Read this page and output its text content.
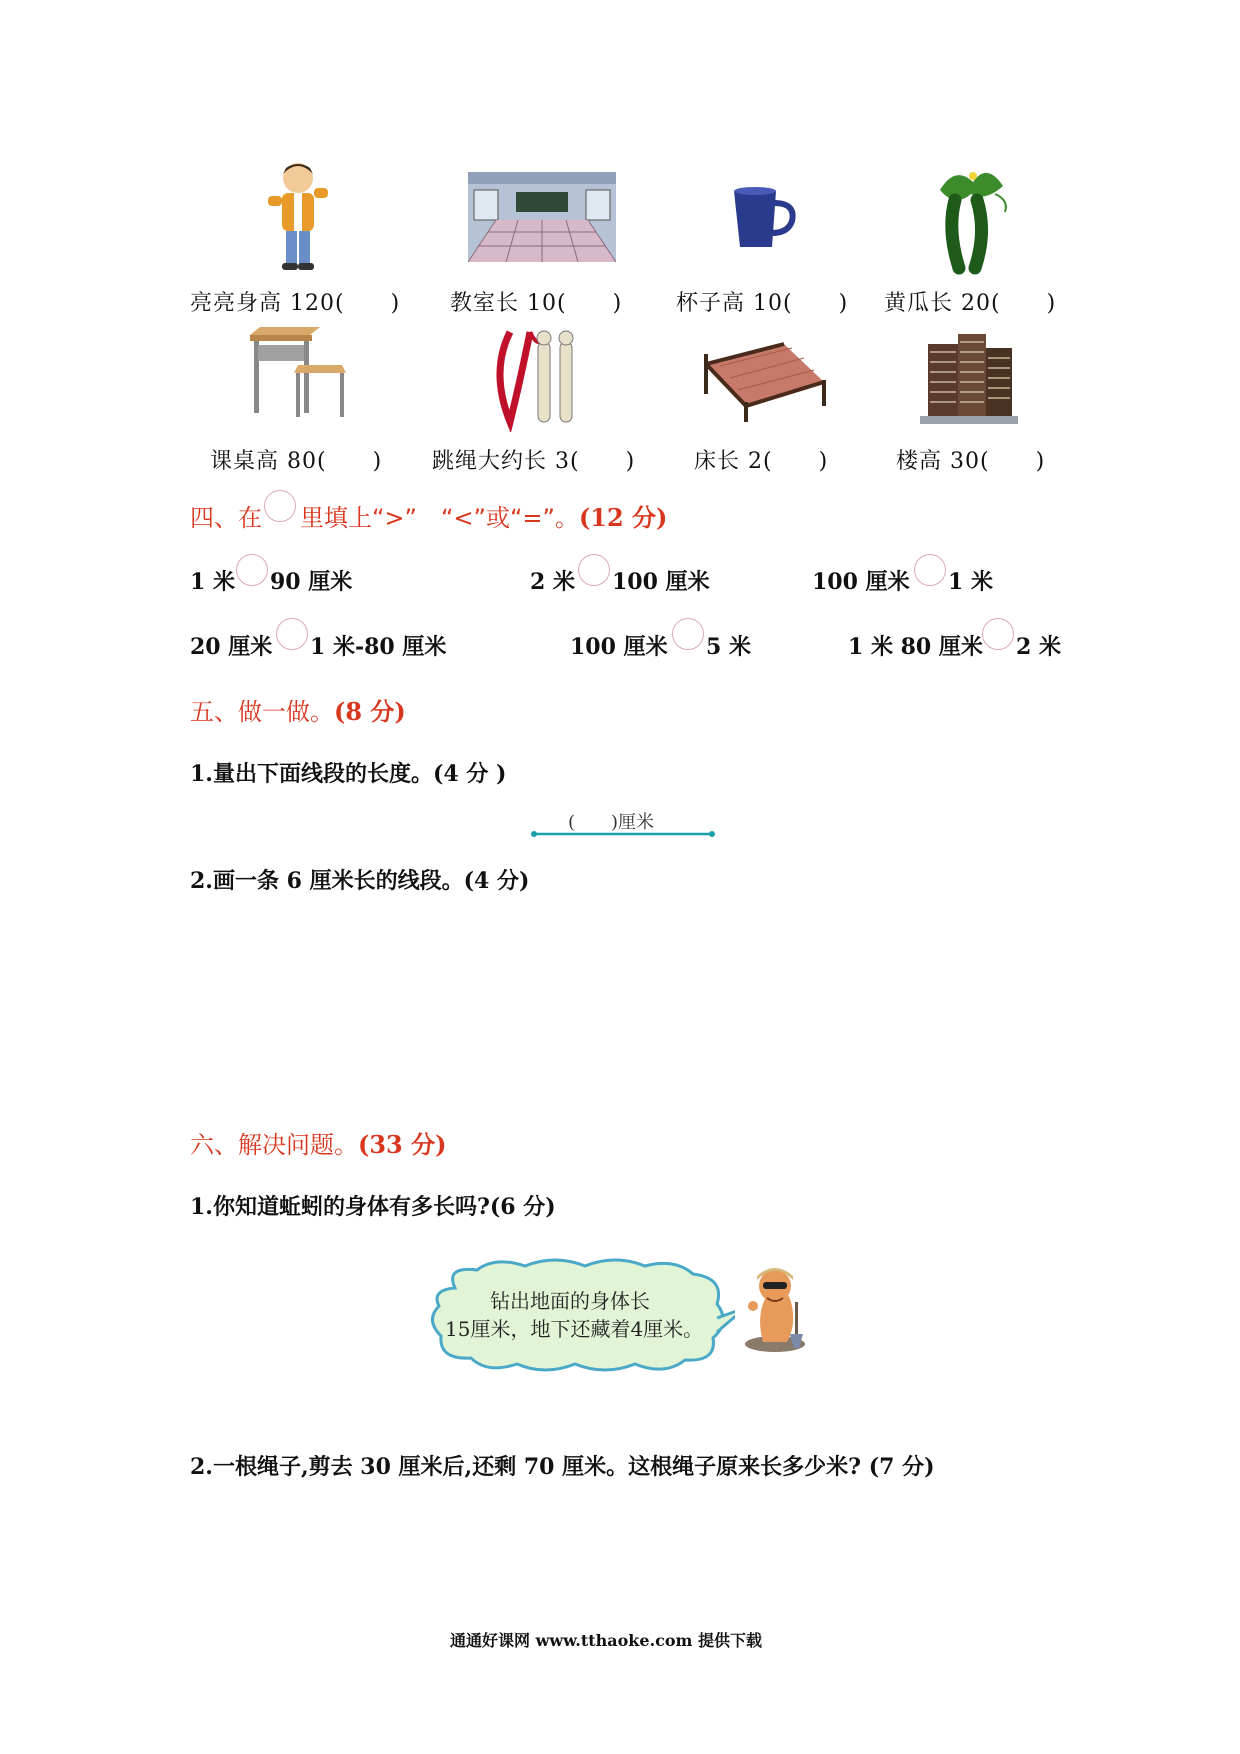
亮亮身高 120(　　) 教室长 10(　　) 杯子高 10(　　) 黄瓜长 20(　　)
课桌高 80(　　) 跳绳大约长 3(　　)	床长 2(　　)	楼高 30(　　)
四、在 里填上“>”　“<”或“=”。(12 分)
1 米 90 厘米	2 米 100 厘米	100 厘米 1 米
20 厘米 1 米-80 厘米	100 厘米 5 米	1 米 80 厘米 2 米
五、做一做。(8 分)
1.量出下面线段的长度。(4 分 )
(　　)厘米
2.画一条 6 厘米长的线段。(4 分)
六、解决问题。(33 分)
1.你知道蚯蚓的身体有多长吗?(6 分)
钻出地面的身体长
15厘米，地下还藏着4厘米。
2.一根绳子,剪去 30 厘米后,还剩 70 厘米。这根绳子原来长多少米? (7 分)
通通好课网 www.tthaoke.com 提供下载
